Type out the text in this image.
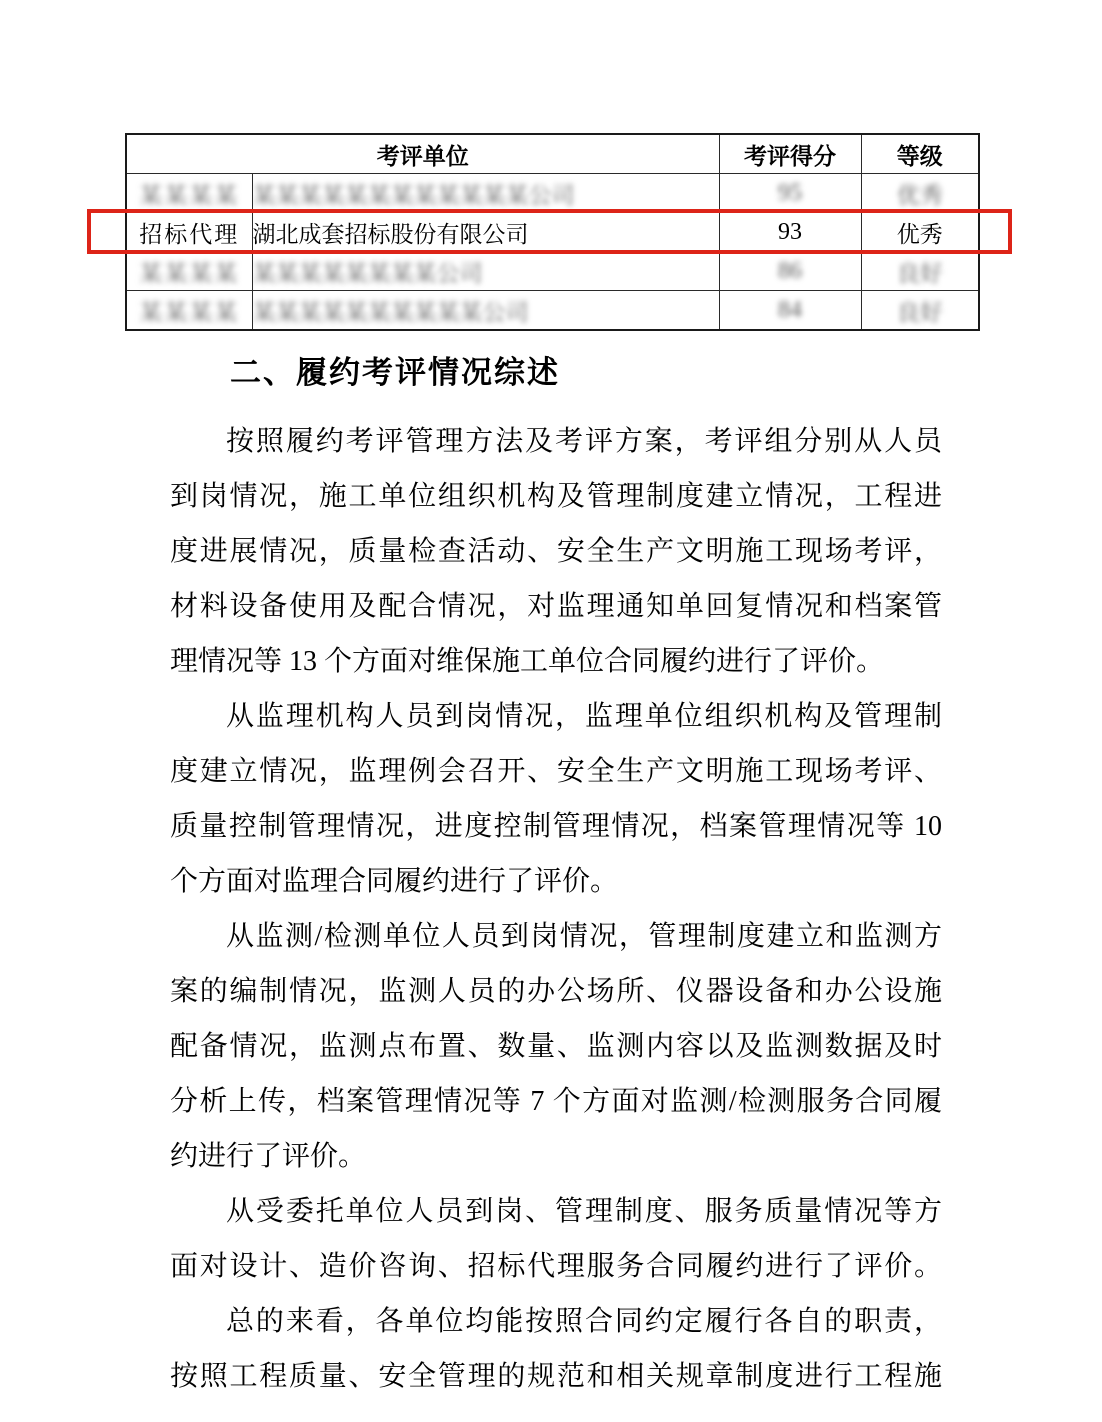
考评单位		考评得分	等级
某某某某	某某某某某某某某某某某某公司	95	优秀
招标代理	湖北成套招标股份有限公司	93	优秀
某某某某	某某某某某某某某公司	86	良好
某某某某	某某某某某某某某某某公司	84	良好
二、履约考评情况综述
按照履约考评管理方法及考评方案，考评组分别从人员
到岗情况，施工单位组织机构及管理制度建立情况，工程进
度进展情况，质量检查活动、安全生产文明施工现场考评，
材料设备使用及配合情况，对监理通知单回复情况和档案管
理情况等 13 个方面对维保施工单位合同履约进行了评价。
从监理机构人员到岗情况，监理单位组织机构及管理制
度建立情况，监理例会召开、安全生产文明施工现场考评、
质量控制管理情况，进度控制管理情况，档案管理情况等 10
个方面对监理合同履约进行了评价。
从监测/检测单位人员到岗情况，管理制度建立和监测方
案的编制情况，监测人员的办公场所、仪器设备和办公设施
配备情况，监测点布置、数量、监测内容以及监测数据及时
分析上传，档案管理情况等 7 个方面对监测/检测服务合同履
约进行了评价。
从受委托单位人员到岗、管理制度、服务质量情况等方
面对设计、造价咨询、招标代理服务合同履约进行了评价。
总的来看，各单位均能按照合同约定履行各自的职责，
按照工程质量、安全管理的规范和相关规章制度进行工程施
